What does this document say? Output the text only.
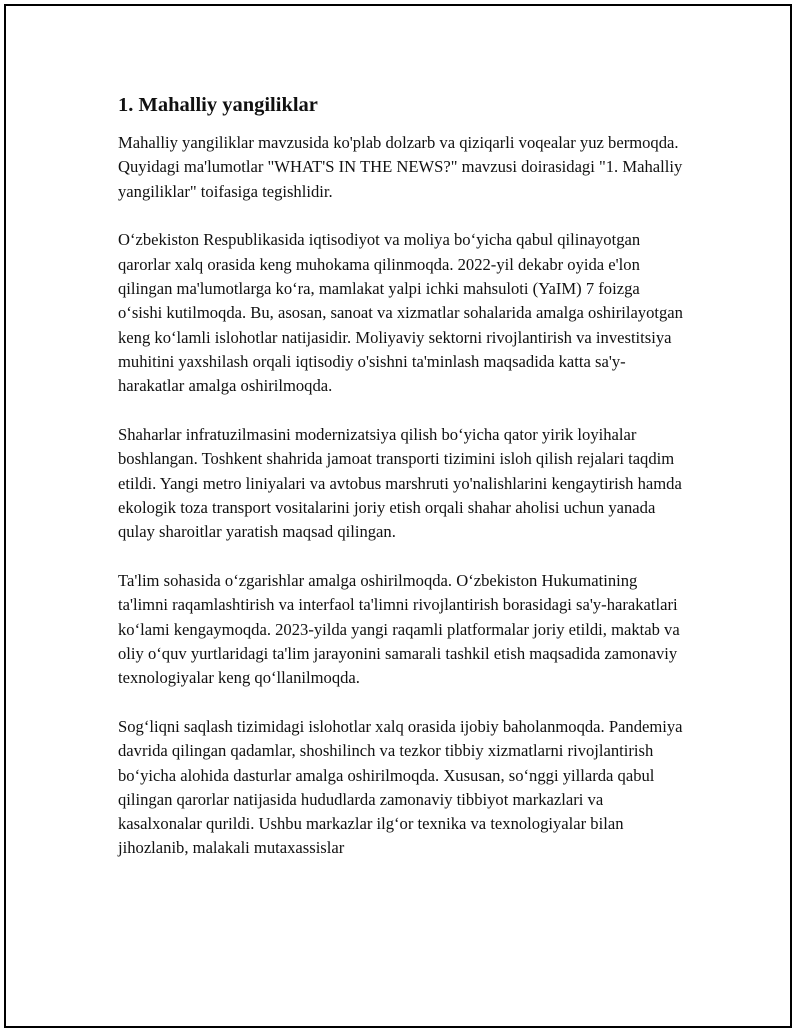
1. Mahalliy yangiliklar

Mahalliy yangiliklar mavzusida ko'plab dolzarb va qiziqarli voqealar yuz bermoqda. Quyidagi ma'lumotlar "WHAT'S IN THE NEWS?" mavzusi doirasidagi "1. Mahalliy yangiliklar" toifasiga tegishlidir.

O‘zbekiston Respublikasida iqtisodiyot va moliya bo‘yicha qabul qilinayotgan qarorlar xalq orasida keng muhokama qilinmoqda. 2022-yil dekabr oyida e'lon qilingan ma'lumotlarga ko‘ra, mamlakat yalpi ichki mahsuloti (YaIM) 7 foizga o‘sishi kutilmoqda. Bu, asosan, sanoat va xizmatlar sohalarida amalga oshirilayotgan keng ko‘lamli islohotlar natijasidir. Moliyaviy sektorni rivojlantirish va investitsiya muhitini yaxshilash orqali iqtisodiy o'sishni ta'minlash maqsadida katta sa'y-harakatlar amalga oshirilmoqda.

Shaharlar infratuzilmasini modernizatsiya qilish bo‘yicha qator yirik loyihalar boshlangan. Toshkent shahrida jamoat transporti tizimini isloh qilish rejalari taqdim etildi. Yangi metro liniyalari va avtobus marshruti yo'nalishlarini kengaytirish hamda ekologik toza transport vositalarini joriy etish orqali shahar aholisi uchun yanada qulay sharoitlar yaratish maqsad qilingan.

Ta'lim sohasida o‘zgarishlar amalga oshirilmoqda. O‘zbekiston Hukumatining ta'limni raqamlashtirish va interfaol ta'limni rivojlantirish borasidagi sa'y-harakatlari ko‘lami kengaymoqda. 2023-yilda yangi raqamli platformalar joriy etildi, maktab va oliy o‘quv yurtlaridagi ta'lim jarayonini samarali tashkil etish maqsadida zamonaviy texnologiyalar keng qo‘llanilmoqda.

Sog‘liqni saqlash tizimidagi islohotlar xalq orasida ijobiy baholanmoqda. Pandemiya davrida qilingan qadamlar, shoshilinch va tezkor tibbiy xizmatlarni rivojlantirish bo‘yicha alohida dasturlar amalga oshirilmoqda. Xususan, so‘nggi yillarda qabul qilingan qarorlar natijasida hududlarda zamonaviy tibbiyot markazlari va kasalxonalar qurildi. Ushbu markazlar ilg‘or texnika va texnologiyalar bilan jihozlanib, malakali mutaxassislar
